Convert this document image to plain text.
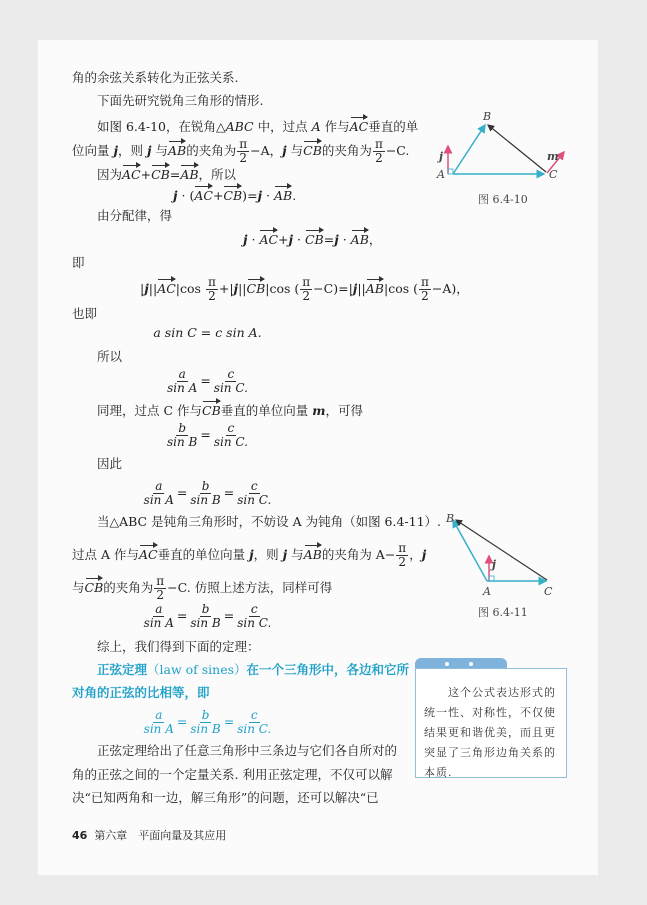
角的余弦关系转化为正弦关系.
下面先研究锐角三角形的情形.
如图 6.4-10，在锐角△ABC 中，过点 A 作与AC垂直的单
位向量 j，则 j 与AB的夹角为 $\frac{\pi}{2} -A$，j 与CB的夹角为 $\frac{\pi}{2} -C$.
因为AC+CB=AB，所以
j · (AC+CB)=j · AB.
由分配律，得
j · AC+j · CB=j · AB，
即
$|j||AC|\cos \frac{\pi}{2} +|j||CB|\cos$ ( $\frac{\pi}{2} -C)=|j||AB|\cos$ ( $\frac{\pi}{2} -A$)，
也即
a sin C = c sin A.
所以
$\frac{a}{\text{sin A}} = \frac{c}{\text{sin C.}}$
同理，过点 C 作与CB垂直的单位向量 m，可得
$\frac{b}{\text{sin B}} = \frac{c}{\text{sin C.}}$
因此
$\frac{a}{\text{sin A}} = \frac{b}{\text{sin B}} = \frac{c}{\text{sin C.}}$
当△ABC 是钝角三角形时，不妨设 A 为钝角（如图 6.4-11）.
过点 A 作与AC垂直的单位向量 j，则 j 与AB的夹角为 $A- \frac{\pi}{2}$ ，j
与CB的夹角为 $\frac{\pi}{2} -C$. 仿照上述方法，同样可得
$\frac{a}{\text{sin A}} = \frac{b}{\text{sin B}} = \frac{c}{\text{sin C.}}$
综上，我们得到下面的定理：
正弦定理（law of sines）在一个三角形中，各边和它所
对角的正弦的比相等，即
$\frac{a}{\text{sin A}} = \frac{b}{\text{sin B}} = \frac{c}{\text{sin C.}}$
正弦定理给出了任意三角形中三条边与它们各自所对的
角的正弦之间的一个定量关系. 利用正弦定理，不仅可以解
决“已知两角和一边，解三角形”的问题，还可以解决“已
B
A	C
j	m
图 6.4-10
B
A	C
j
图 6.4-11
这个公式表达形式的统一性、对称性，不仅使结果更和谐优美，而且更突显了三角形边角关系的本质.
46 第六章　平面向量及其应用
